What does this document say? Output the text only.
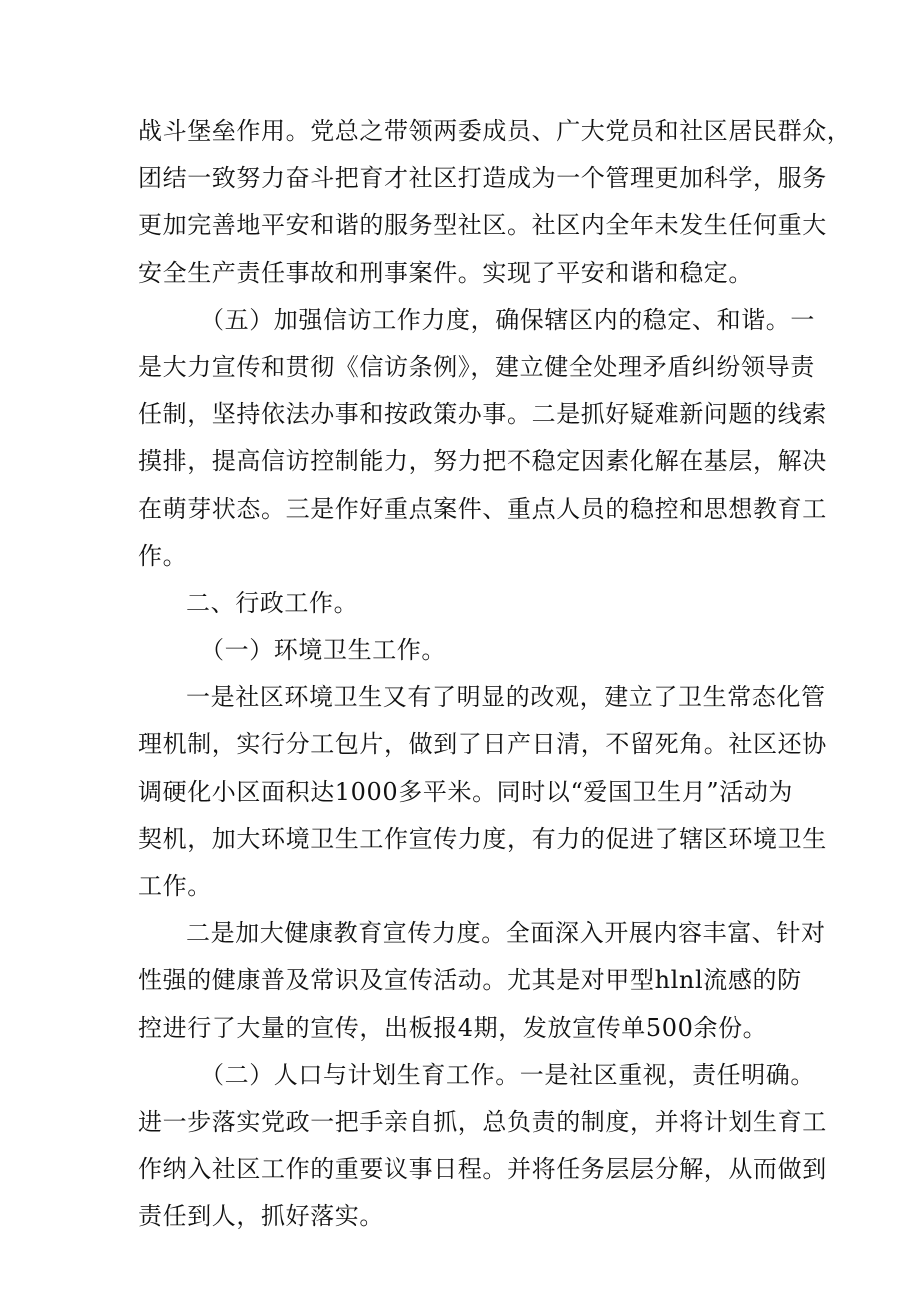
战斗堡垒作用。党总之带领两委成员、广大党员和社区居民群众，
团结一致努力奋斗把育才社区打造成为一个管理更加科学，服务
更加完善地平安和谐的服务型社区。社区内全年未发生任何重大
安全生产责任事故和刑事案件。实现了平安和谐和稳定。
（五）加强信访工作力度，确保辖区内的稳定、和谐。一
是大力宣传和贯彻《信访条例》，建立健全处理矛盾纠纷领导责
任制，坚持依法办事和按政策办事。二是抓好疑难新问题的线索
摸排，提高信访控制能力，努力把不稳定因素化解在基层，解决
在萌芽状态。三是作好重点案件、重点人员的稳控和思想教育工
作。
二、行政工作。
（一）环境卫生工作。
一是社区环境卫生又有了明显的改观，建立了卫生常态化管
理机制，实行分工包片，做到了日产日清，不留死角。社区还协
调硬化小区面积达1000多平米。同时以“爱国卫生月”活动为
契机，加大环境卫生工作宣传力度，有力的促进了辖区环境卫生
工作。
二是加大健康教育宣传力度。全面深入开展内容丰富、针对
性强的健康普及常识及宣传活动。尤其是对甲型hlnl流感的防
控进行了大量的宣传，出板报4期，发放宣传单500余份。
（二）人口与计划生育工作。一是社区重视，责任明确。
进一步落实党政一把手亲自抓，总负责的制度，并将计划生育工
作纳入社区工作的重要议事日程。并将任务层层分解，从而做到
责任到人，抓好落实。
